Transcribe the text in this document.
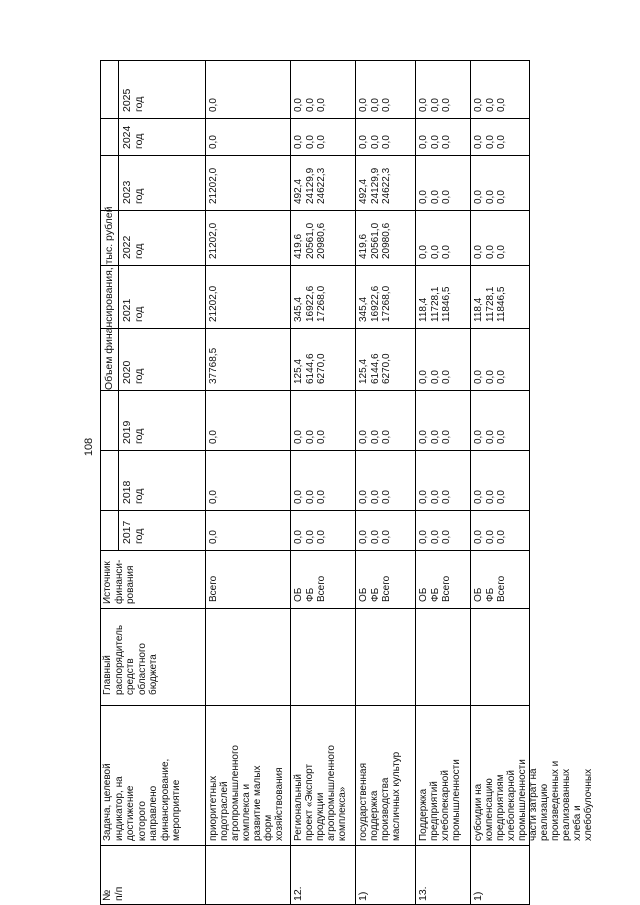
108
№
п/п
Задача, целевой
индикатор, на
достижение
которого
направлено
финансирование,
мероприятие
Главный
распорядитель
средств
областного
бюджета
Источник
финанси-
рования
Объем финансирования, тыс. рублей
2017
год
2018
год
2019
год
2020
год
2021
год
2022
год
2023
год
2024
год
2025
год
приоритетных
подотраслей
агропромышленного
комплекса и
развитие малых
форм
хозяйствования
Всего
0,0
0,0
0,0
37768,5
21202,0
21202,0
21202,0
0,0
0,0
12.
Региональный
проект «Экспорт
продукции
агропромышленного
комплекса»
ОБ
0,0
0,0
0,0
125,4
345,4
419,6
492,4
0,0
0,0
ФБ
0,0
0,0
0,0
6144,6
16922,6
20561,0
24129,9
0,0
0,0
Всего
0,0
0,0
0,0
6270,0
17268,0
20980,6
24622,3
0,0
0,0
1)
государственная
поддержка
производства
масличных культур
ОБ
0,0
0,0
0,0
125,4
345,4
419,6
492,4
0,0
0,0
ФБ
0,0
0,0
0,0
6144,6
16922,6
20561,0
24129,9
0,0
0,0
Всего
0,0
0,0
0,0
6270,0
17268,0
20980,6
24622,3
0,0
0,0
13.
Поддержка
предприятий
хлебопекарной
промышленности
ОБ
0,0
0,0
0,0
0,0
118,4
0,0
0,0
0,0
0,0
ФБ
0,0
0,0
0,0
0,0
11728,1
0,0
0,0
0,0
0,0
Всего
0,0
0,0
0,0
0,0
11846,5
0,0
0,0
0,0
0,0
1)
субсидии на
компенсацию
предприятиям
хлебопекарной
промышленности
части затрат на
реализацию
произведенных и
реализованных
хлеба и
хлебобулочных
ОБ
0,0
0,0
0,0
0,0
118,4
0,0
0,0
0,0
0,0
ФБ
0,0
0,0
0,0
0,0
11728,1
0,0
0,0
0,0
0,0
Всего
0,0
0,0
0,0
0,0
11846,5
0,0
0,0
0,0
0,0
